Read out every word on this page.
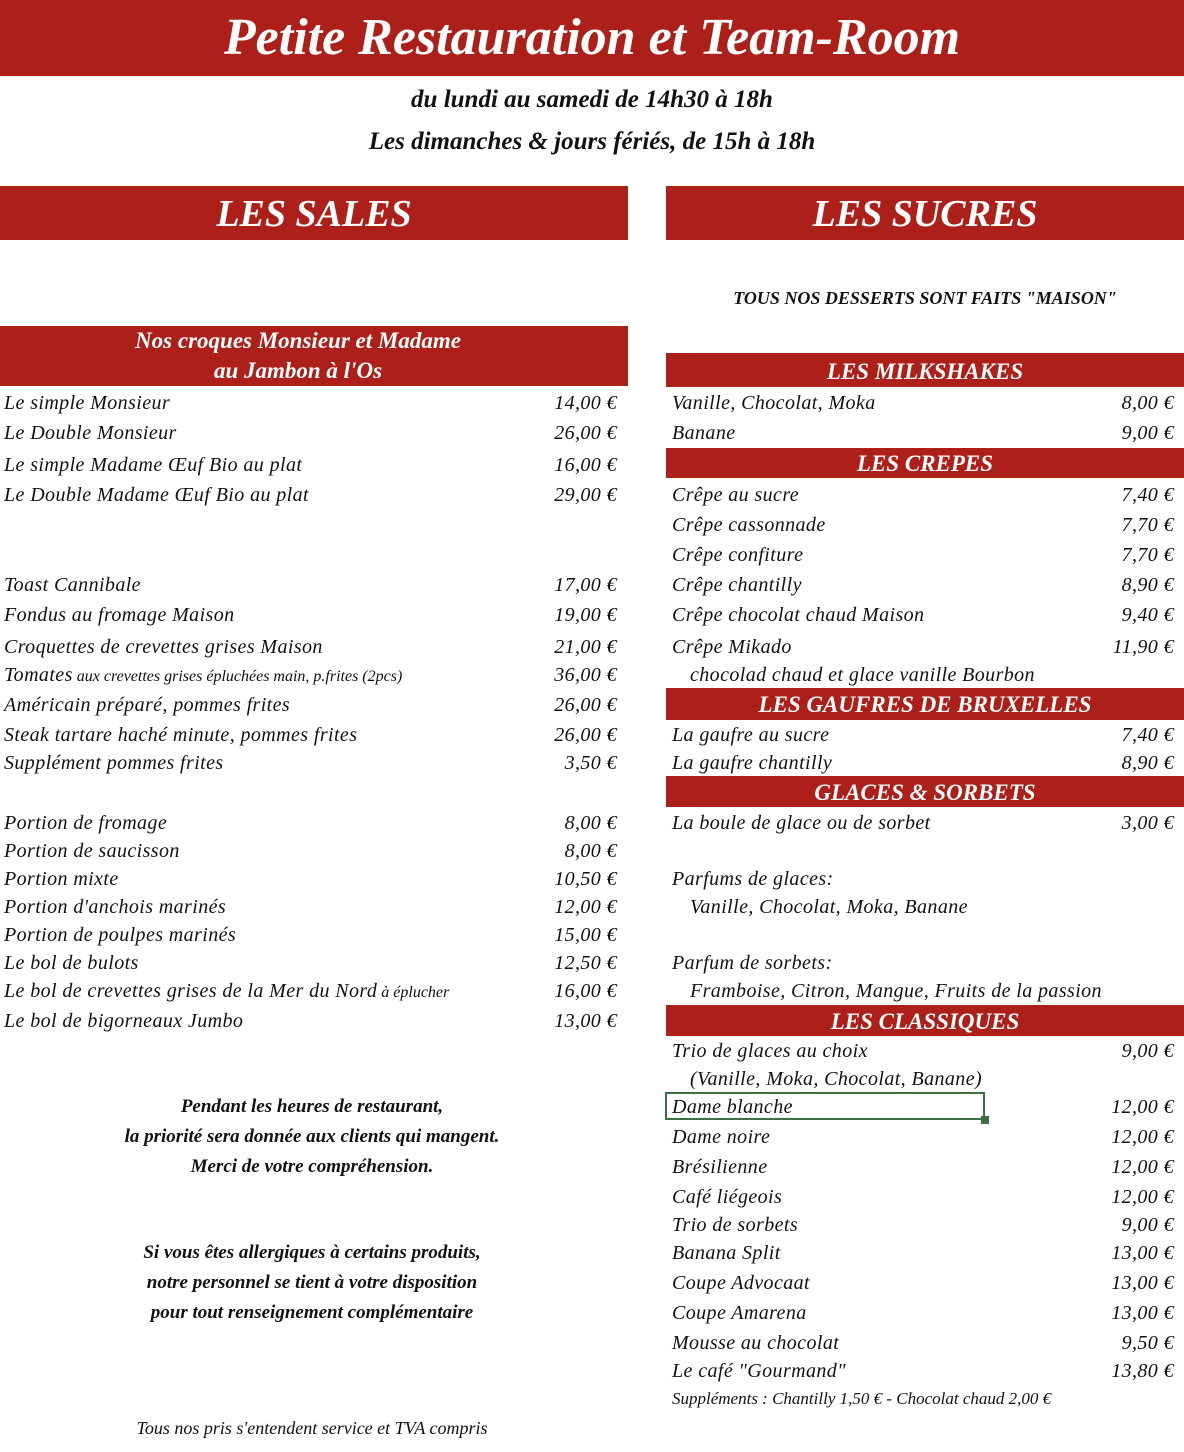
Petite Restauration et Team-Room
du lundi au samedi de 14h30 à 18h
Les dimanches & jours fériés, de 15h à 18h
LES SALES	LES SUCRES
Nos croques Monsieur et Madame
au Jambon à l'Os
Le simple Monsieur	14,00 €
Le Double Monsieur	26,00 €
Le simple Madame Œuf Bio au plat	16,00 €
Le Double Madame Œuf Bio au plat	29,00 €
Toast Cannibale	17,00 €
Fondus au fromage Maison	19,00 €
Croquettes de crevettes grises Maison	21,00 €
Tomates aux crevettes grises épluchées main, p.frites (2pcs)	36,00 €
Américain préparé, pommes frites	26,00 €
Steak tartare haché minute, pommes frites	26,00 €
Supplément pommes frites	3,50 €
Portion de fromage	8,00 €
Portion de saucisson	8,00 €
Portion mixte	10,50 €
Portion d'anchois marinés	12,00 €
Portion de poulpes marinés	15,00 €
Le bol de bulots	12,50 €
Le bol de crevettes grises de la Mer du Nord à éplucher	16,00 €
Le bol de bigorneaux Jumbo	13,00 €
Pendant les heures de restaurant,
la priorité sera donnée aux clients qui mangent.
Merci de votre compréhension.
Si vous êtes allergiques à certains produits,
notre personnel se tient à votre disposition
pour tout renseignement complémentaire
Tous nos pris s'entendent service et TVA compris
TOUS NOS DESSERTS SONT FAITS "MAISON"
LES MILKSHAKES
Vanille, Chocolat, Moka	8,00 €
Banane	9,00 €
LES CREPES
Crêpe au sucre	7,40 €
Crêpe cassonnade	7,70 €
Crêpe confiture	7,70 €
Crêpe chantilly	8,90 €
Crêpe chocolat chaud Maison	9,40 €
Crêpe Mikado	11,90 €
chocolad chaud et glace vanille Bourbon
LES GAUFRES DE BRUXELLES
La gaufre au sucre	7,40 €
La gaufre chantilly	8,90 €
GLACES & SORBETS
La boule de glace ou de sorbet	3,00 €
Parfums de glaces:
Vanille, Chocolat, Moka, Banane
Parfum de sorbets:
Framboise, Citron, Mangue, Fruits de la passion
LES CLASSIQUES
Trio de glaces au choix	9,00 €
(Vanille, Moka, Chocolat, Banane)
Dame blanche	12,00 €
Dame noire	12,00 €
Brésilienne	12,00 €
Café liégeois	12,00 €
Trio de sorbets	9,00 €
Banana Split	13,00 €
Coupe Advocaat	13,00 €
Coupe Amarena	13,00 €
Mousse au chocolat	9,50 €
Le café "Gourmand"	13,80 €
Suppléments : Chantilly 1,50 € - Chocolat chaud 2,00 €
